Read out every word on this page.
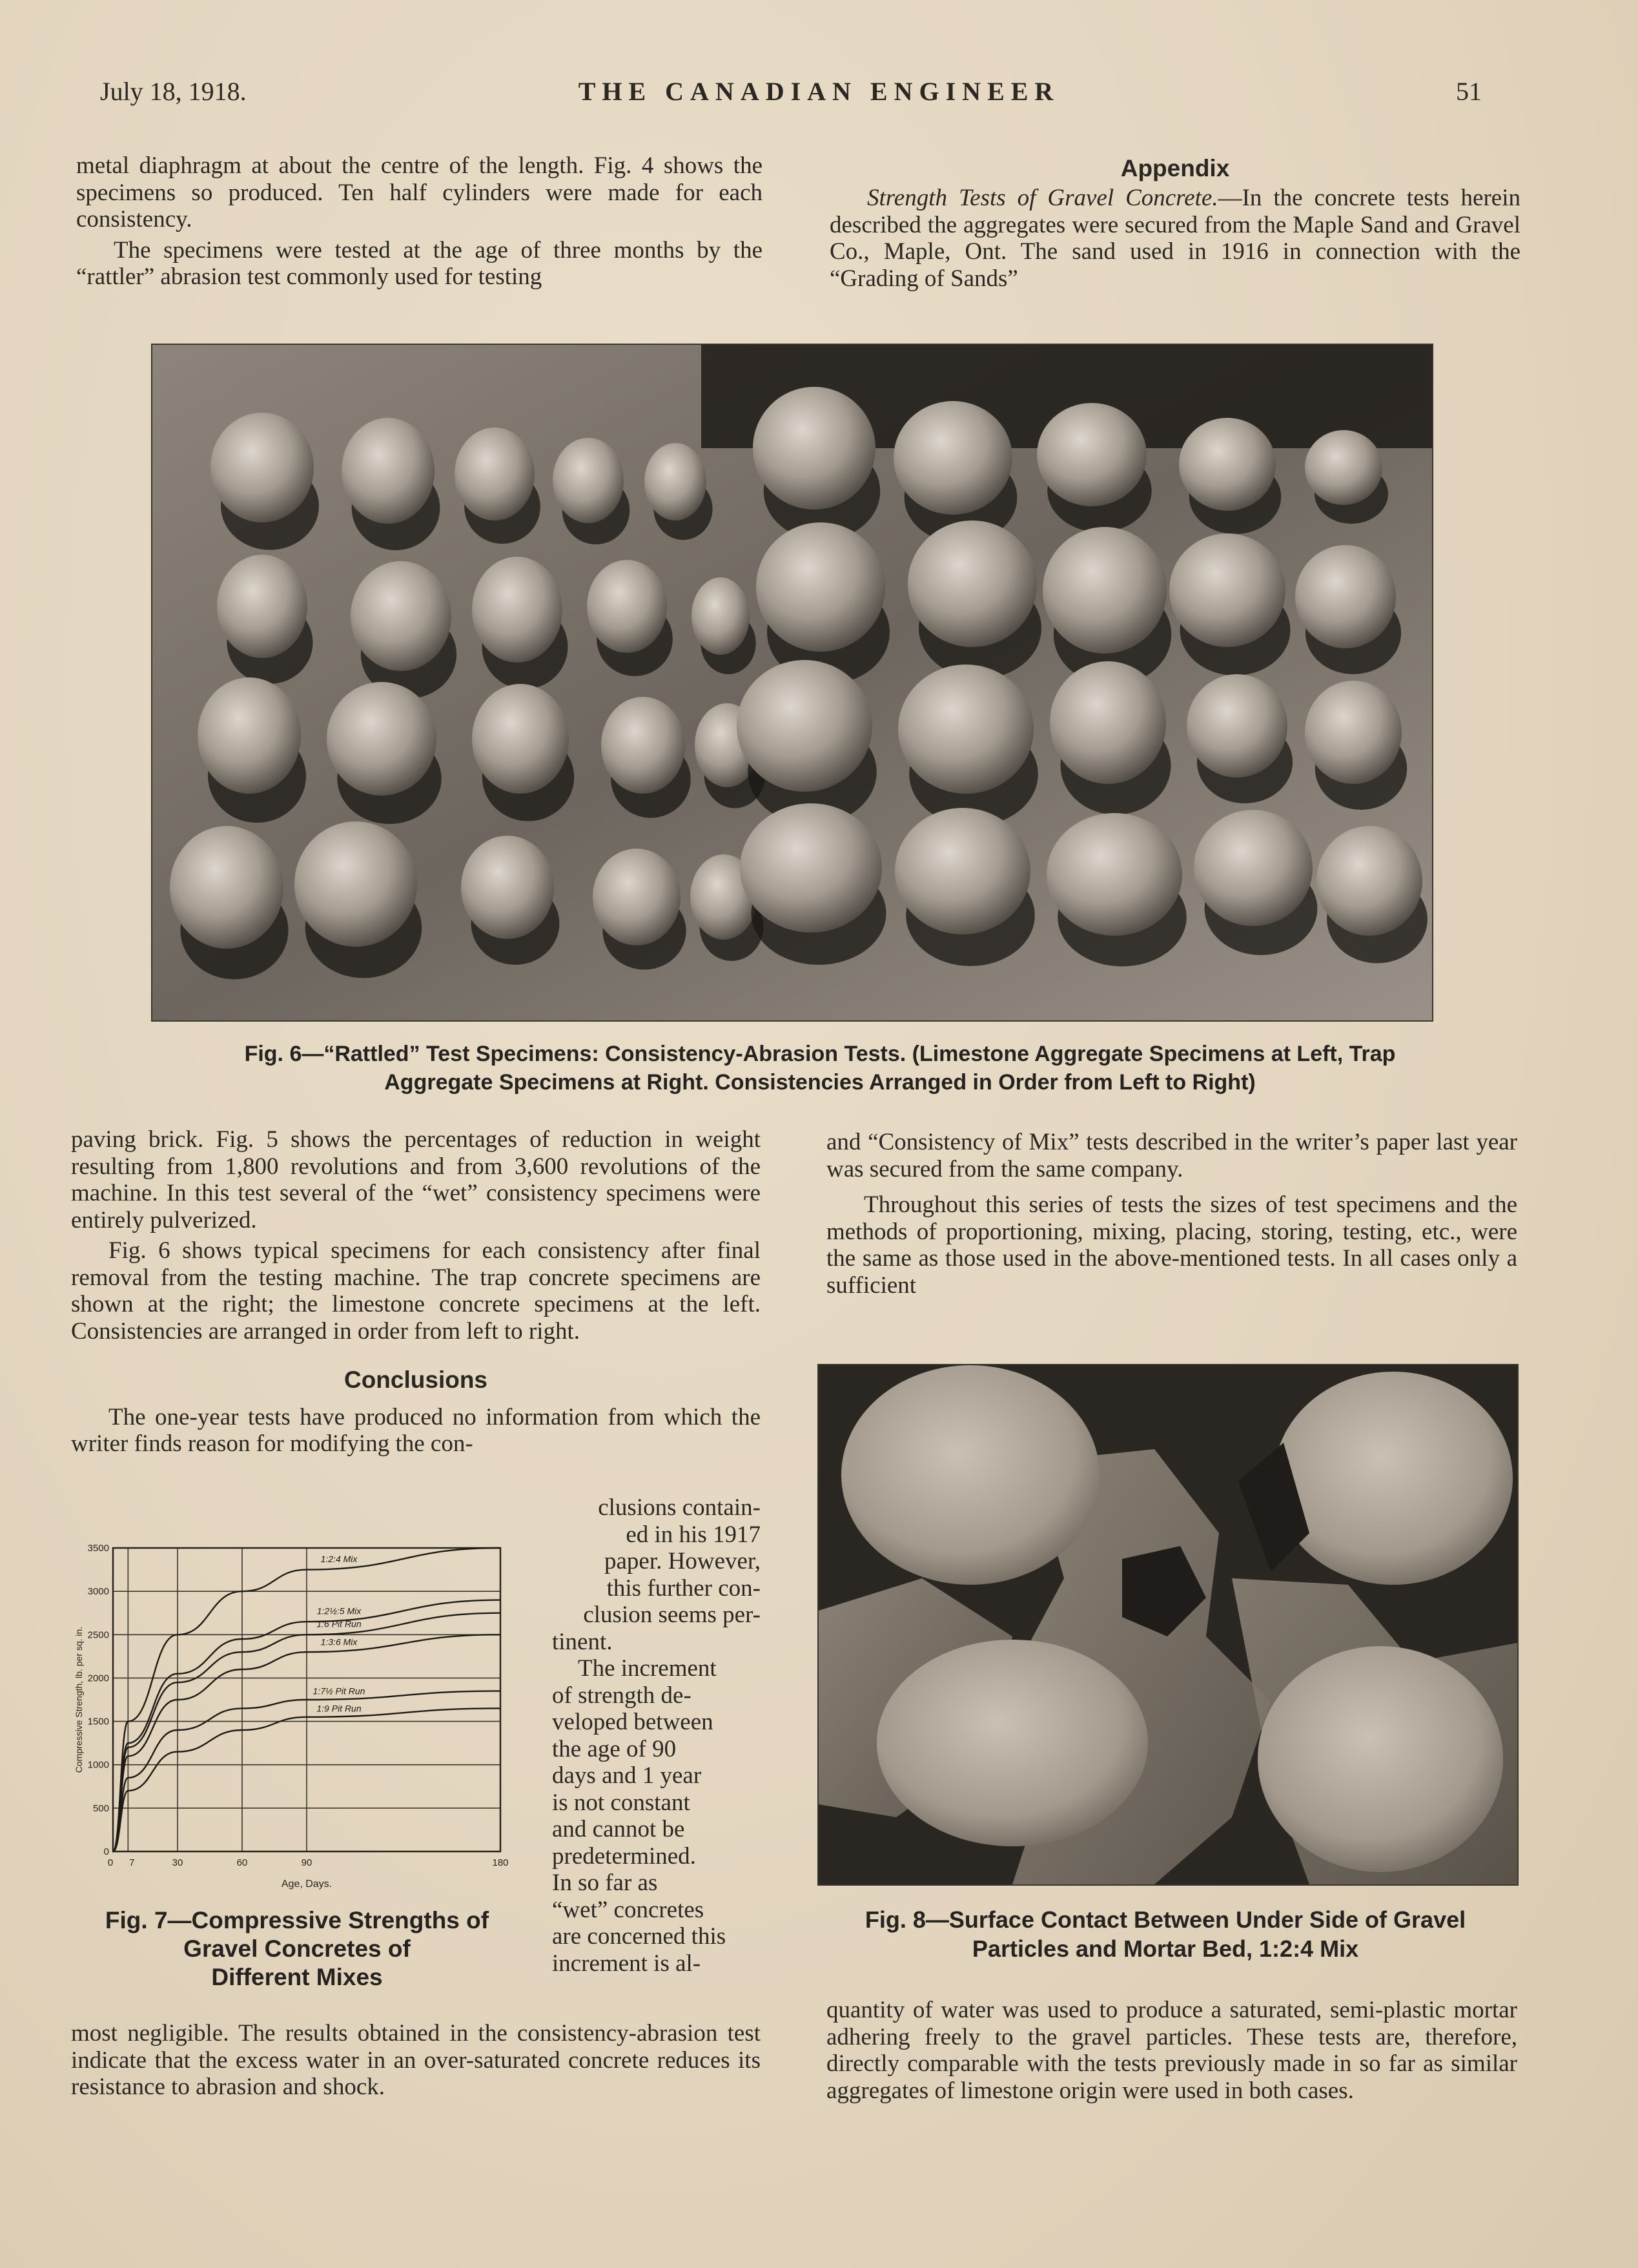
July 18, 1918.	THE CANADIAN ENGINEER	51

metal diaphragm at about the centre of the length. Fig. 4 shows the specimens so produced. Ten half cylinders were made for each consistency.

The specimens were tested at the age of three months by the “rattler” abrasion test commonly used for testing

Appendix

Strength Tests of Gravel Concrete.—In the concrete tests herein described the aggregates were secured from the Maple Sand and Gravel Co., Maple, Ont. The sand used in 1916 in connection with the “Grading of Sands”

Fig. 6—“Rattled” Test Specimens: Consistency-Abrasion Tests. (Limestone Aggregate Specimens at Left, Trap
Aggregate Specimens at Right. Consistencies Arranged in Order from Left to Right)

paving brick. Fig. 5 shows the percentages of reduction in weight resulting from 1,800 revolutions and from 3,600 revolutions of the machine. In this test several of the “wet” consistency specimens were entirely pulverized.

Fig. 6 shows typical specimens for each consistency after final removal from the testing machine. The trap concrete specimens are shown at the right; the limestone concrete specimens at the left. Consistencies are arranged in order from left to right.

Conclusions

The one-year tests have produced no information from which the writer finds reason for modifying the con-

clusions contain-
ed in his 1917
paper. However,
this further con-
clusion seems per-
tinent.
The increment
of strength de-
veloped between
the age of 90
days and 1 year
is not constant
and cannot be
predetermined.
In so far as
“wet” concretes
are concerned this
increment is al-
0
500
1000
1500
2000
2500
3000
3500
0 7	30	60	90	180
Age, Days.
Compressive Strength, lb. per sq. in.
1:2:4 Mix
1:2½:5 Mix
1:6 Pit Run
1:3:6 Mix
1:7½ Pit Run
1:9 Pit Run
Fig. 7—Compressive Strengths of
Gravel Concretes of
Different Mixes

most negligible. The results obtained in the consistency-abrasion test indicate that the excess water in an over-saturated concrete reduces its resistance to abrasion and shock.

and “Consistency of Mix” tests described in the writer’s paper last year was secured from the same company.

Throughout this series of tests the sizes of test specimens and the methods of proportioning, mixing, placing, storing, testing, etc., were the same as those used in the above-mentioned tests. In all cases only a sufficient

Fig. 8—Surface Contact Between Under Side of Gravel
Particles and Mortar Bed, 1:2:4 Mix

quantity of water was used to produce a saturated, semi-plastic mortar adhering freely to the gravel particles. These tests are, therefore, directly comparable with the tests previously made in so far as similar aggregates of limestone origin were used in both cases.
